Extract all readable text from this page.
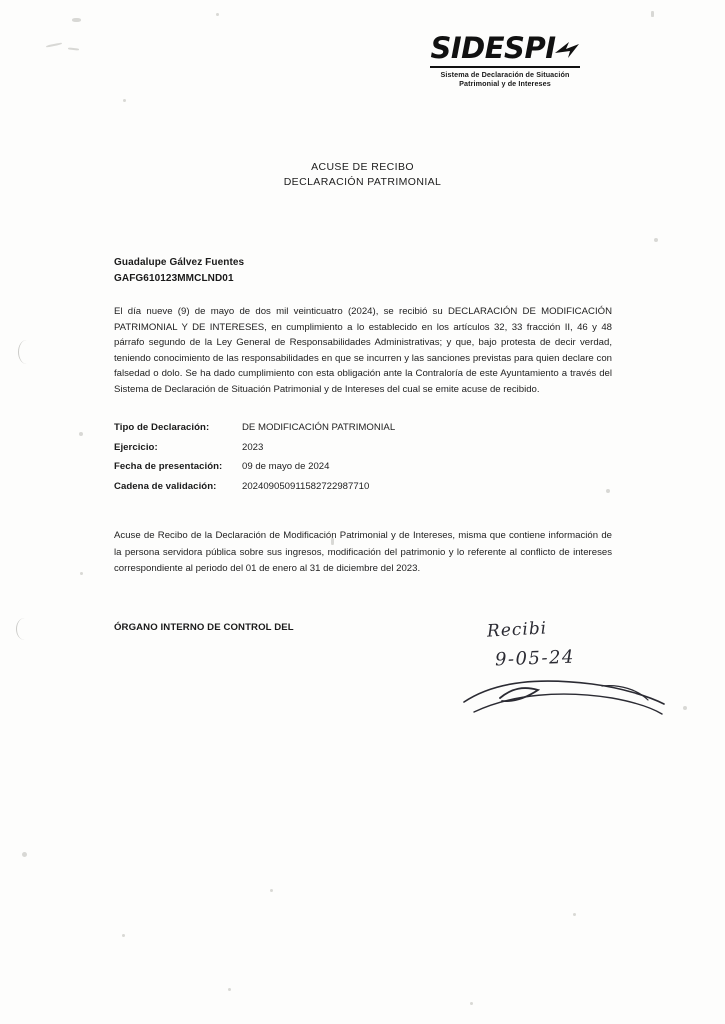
SIDESPI
Sistema de Declaración de Situación
Patrimonial y de Intereses
ACUSE DE RECIBO
DECLARACIÓN PATRIMONIAL
Guadalupe Gálvez Fuentes
GAFG610123MMCLND01
El día nueve (9) de mayo de dos mil veinticuatro (2024), se recibió su DECLARACIÓN DE MODIFICACIÓN PATRIMONIAL Y DE INTERESES, en cumplimiento a lo establecido en los artículos 32, 33 fracción II, 46 y 48 párrafo segundo de la Ley General de Responsabilidades Administrativas; y que, bajo protesta de decir verdad, teniendo conocimiento de las responsabilidades en que se incurren y las sanciones previstas para quien declare con falsedad o dolo. Se ha dado cumplimiento con esta obligación ante la Contraloría de este Ayuntamiento a través del Sistema de Declaración de Situación Patrimonial y de Intereses del cual se emite acuse de recibido.
Tipo de Declaración:	DE MODIFICACIÓN PATRIMONIAL
Ejercicio:	2023
Fecha de presentación:	09 de mayo de 2024
Cadena de validación:	202409050911582722987710
Acuse de Recibo de la Declaración de Modificación Patrimonial y de Intereses, misma que contiene información de la persona servidora pública sobre sus ingresos, modificación del patrimonio y lo referente al conflicto de intereses correspondiente al periodo del 01 de enero al 31 de diciembre del 2023.
ÓRGANO INTERNO DE CONTROL DEL	Recibi
9-05-24
